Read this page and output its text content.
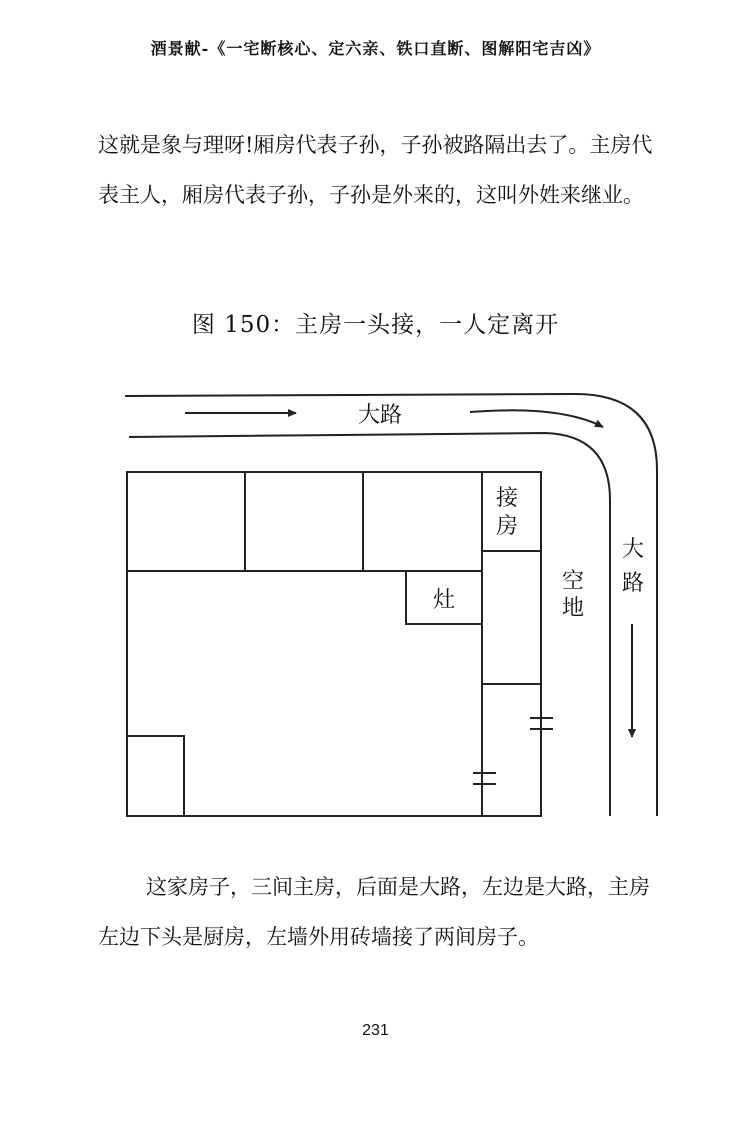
酒景献-《一宅断核心、定六亲、铁口直断、图解阳宅吉凶》

这就是象与理呀!厢房代表子孙，子孙被路隔出去了。主房代表主人，厢房代表子孙，子孙是外来的，这叫外姓来继业。

图 150：主房一头接，一人定离开
大路
大
路
空
地
接
房
灶

这家房子，三间主房，后面是大路，左边是大路，主房左边下头是厨房，左墙外用砖墙接了两间房子。

231
